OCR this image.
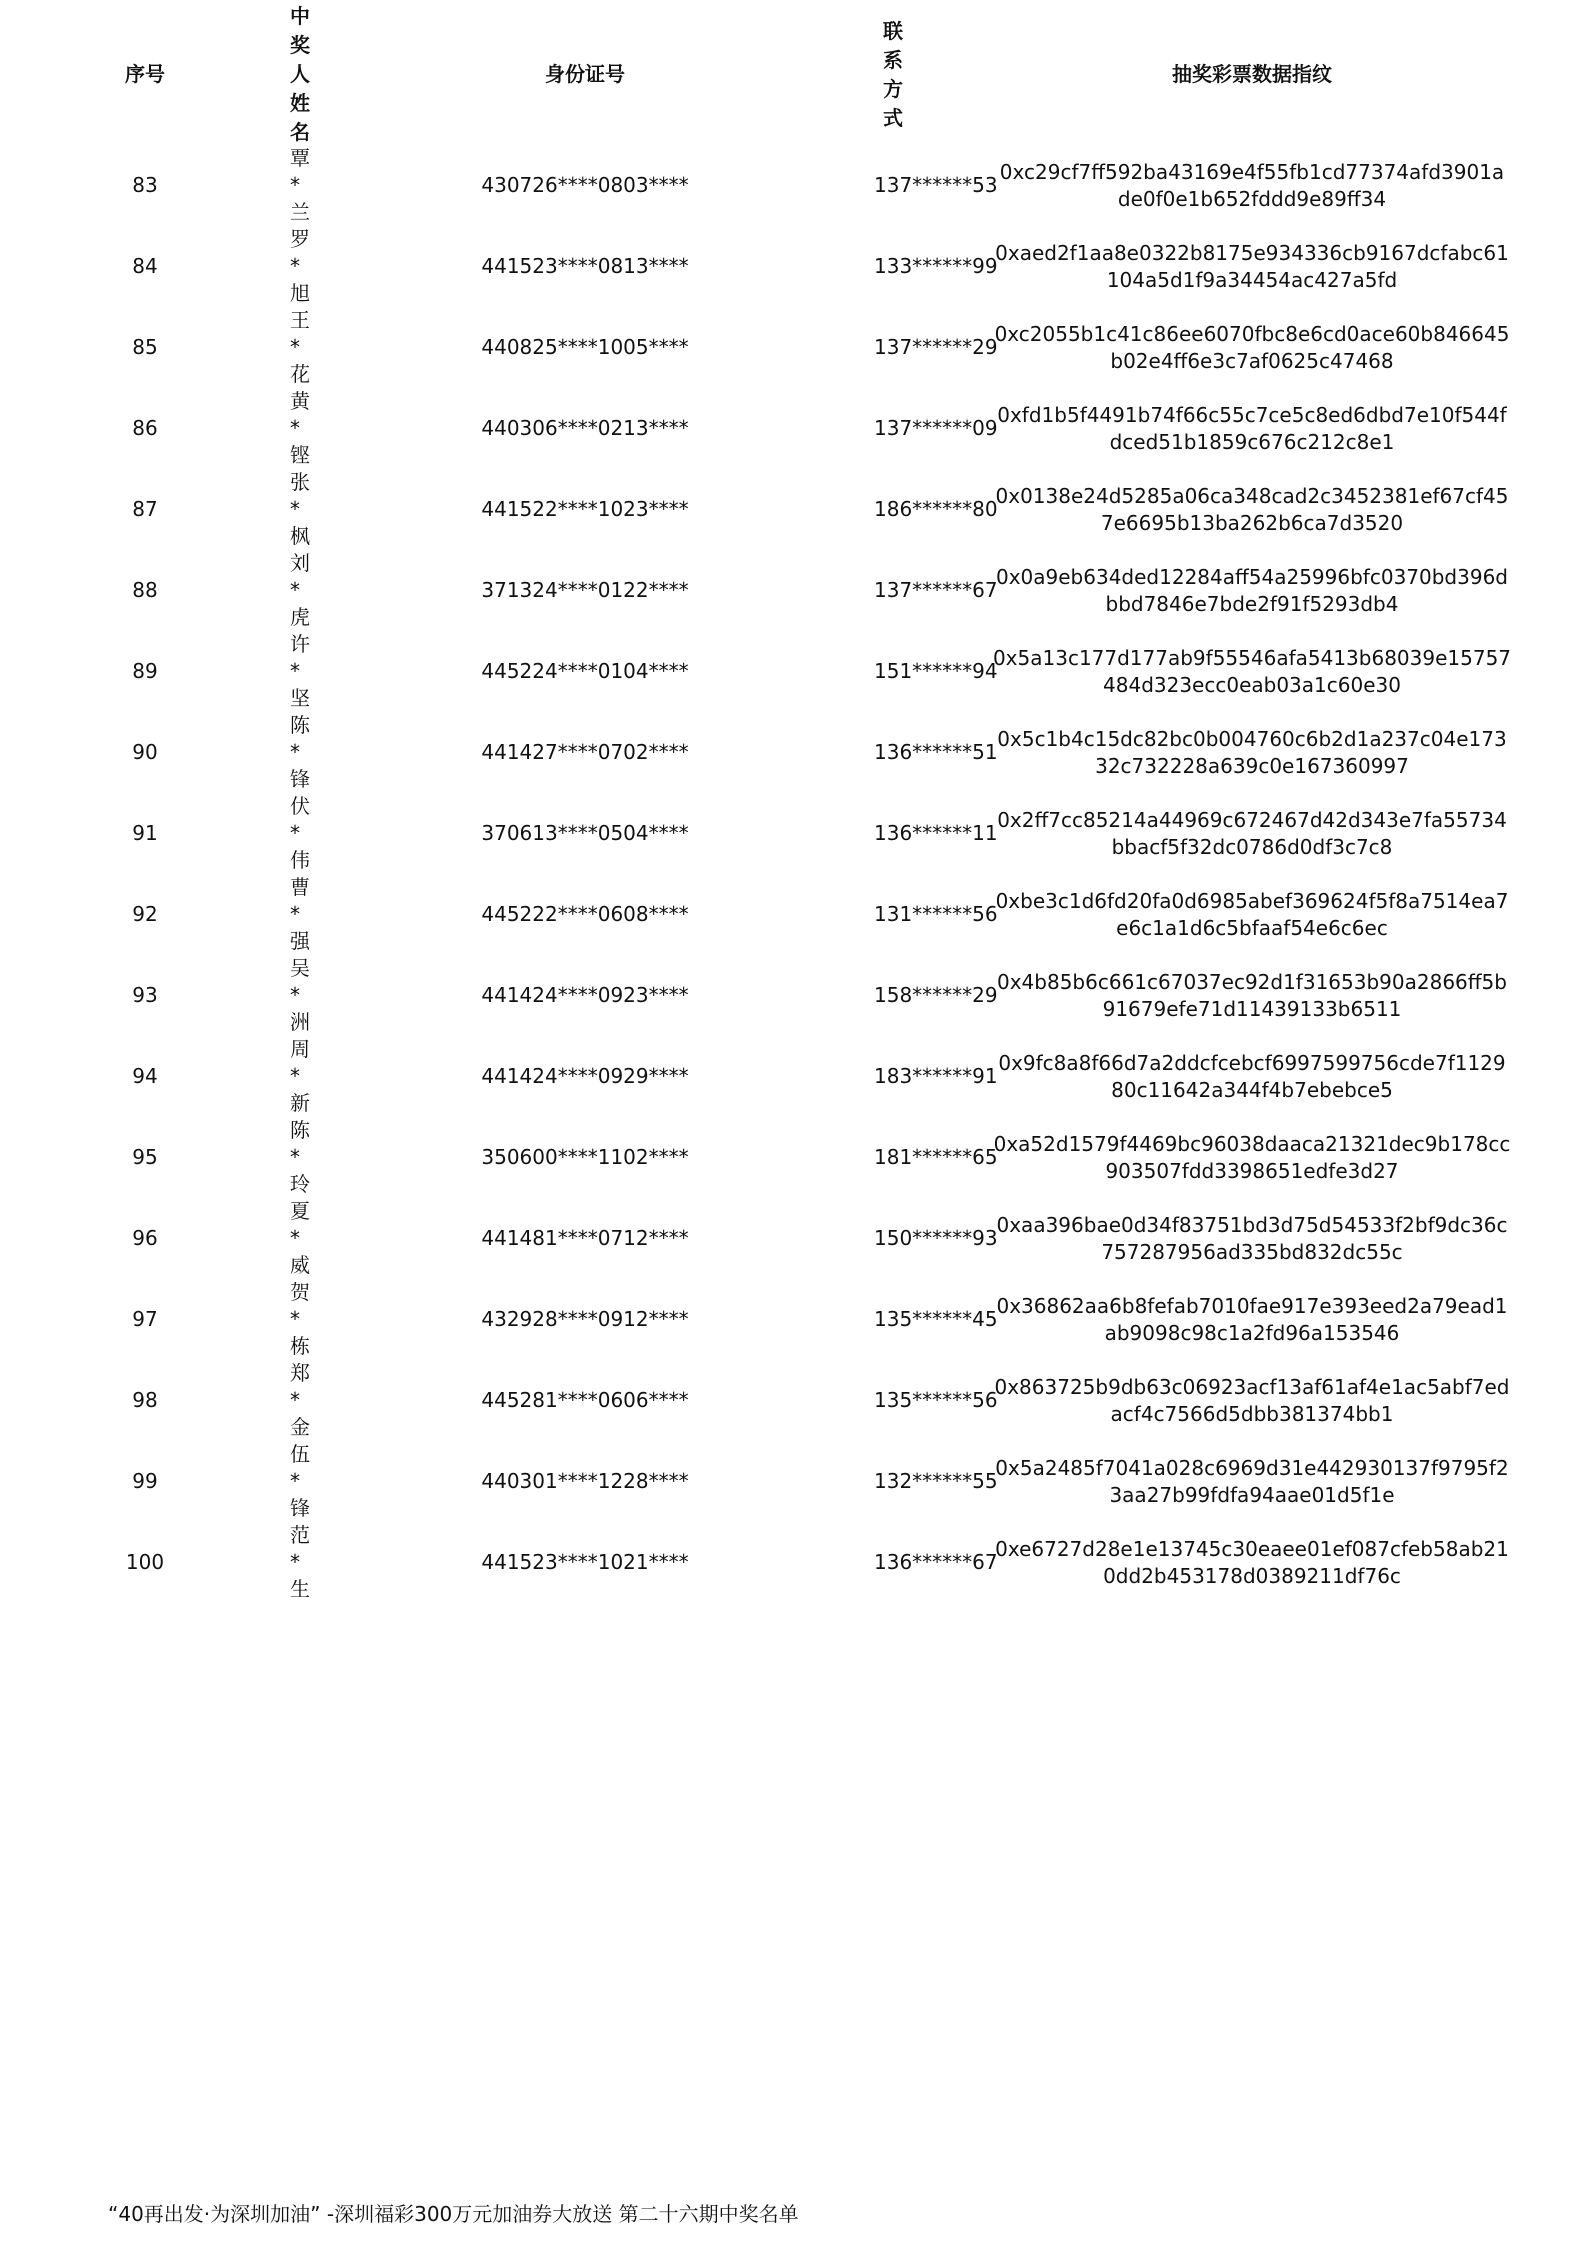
序号	中奖人姓名	身份证号	联系方式	抽奖彩票数据指纹
83	覃*兰	430726****0803****	137******53	0xc29cf7ff592ba43169e4f55fb1cd77374afd3901a
de0f0e1b652fddd9e89ff34

84	罗*旭	441523****0813****	133******99	0xaed2f1aa8e0322b8175e934336cb9167dcfabc61
104a5d1f9a34454ac427a5fd

85	王*花	440825****1005****	137******29	0xc2055b1c41c86ee6070fbc8e6cd0ace60b846645
b02e4ff6e3c7af0625c47468

86	黄*铿	440306****0213****	137******09	0xfd1b5f4491b74f66c55c7ce5c8ed6dbd7e10f544f
dced51b1859c676c212c8e1

87	张*枫	441522****1023****	186******80	0x0138e24d5285a06ca348cad2c3452381ef67cf45
7e6695b13ba262b6ca7d3520

88	刘*虎	371324****0122****	137******67	0x0a9eb634ded12284aff54a25996bfc0370bd396d
bbd7846e7bde2f91f5293db4

89	许*坚	445224****0104****	151******94	0x5a13c177d177ab9f55546afa5413b68039e15757
484d323ecc0eab03a1c60e30

90	陈*锋	441427****0702****	136******51	0x5c1b4c15dc82bc0b004760c6b2d1a237c04e173
32c732228a639c0e167360997

91	伏*伟	370613****0504****	136******11	0x2ff7cc85214a44969c672467d42d343e7fa55734
bbacf5f32dc0786d0df3c7c8

92	曹*强	445222****0608****	131******56	0xbe3c1d6fd20fa0d6985abef369624f5f8a7514ea7
e6c1a1d6c5bfaaf54e6c6ec

93	吴*洲	441424****0923****	158******29	0x4b85b6c661c67037ec92d1f31653b90a2866ff5b
91679efe71d11439133b6511

94	周*新	441424****0929****	183******91	0x9fc8a8f66d7a2ddcfcebcf6997599756cde7f1129
80c11642a344f4b7ebebce5

95	陈*玲	350600****1102****	181******65	0xa52d1579f4469bc96038daaca21321dec9b178cc
903507fdd3398651edfe3d27

96	夏*威	441481****0712****	150******93	0xaa396bae0d34f83751bd3d75d54533f2bf9dc36c
757287956ad335bd832dc55c

97	贺*栋	432928****0912****	135******45	0x36862aa6b8fefab7010fae917e393eed2a79ead1
ab9098c98c1a2fd96a153546

98	郑*金	445281****0606****	135******56	0x863725b9db63c06923acf13af61af4e1ac5abf7ed
acf4c7566d5dbb381374bb1

99	伍*锋	440301****1228****	132******55	0x5a2485f7041a028c6969d31e442930137f9795f2
3aa27b99fdfa94aae01d5f1e

100	范*生	441523****1021****	136******67	0xe6727d28e1e13745c30eaee01ef087cfeb58ab21
0dd2b453178d0389211df76c
“40再出发·为深圳加油” -深圳福彩300万元加油券大放送 第二十六期中奖名单
